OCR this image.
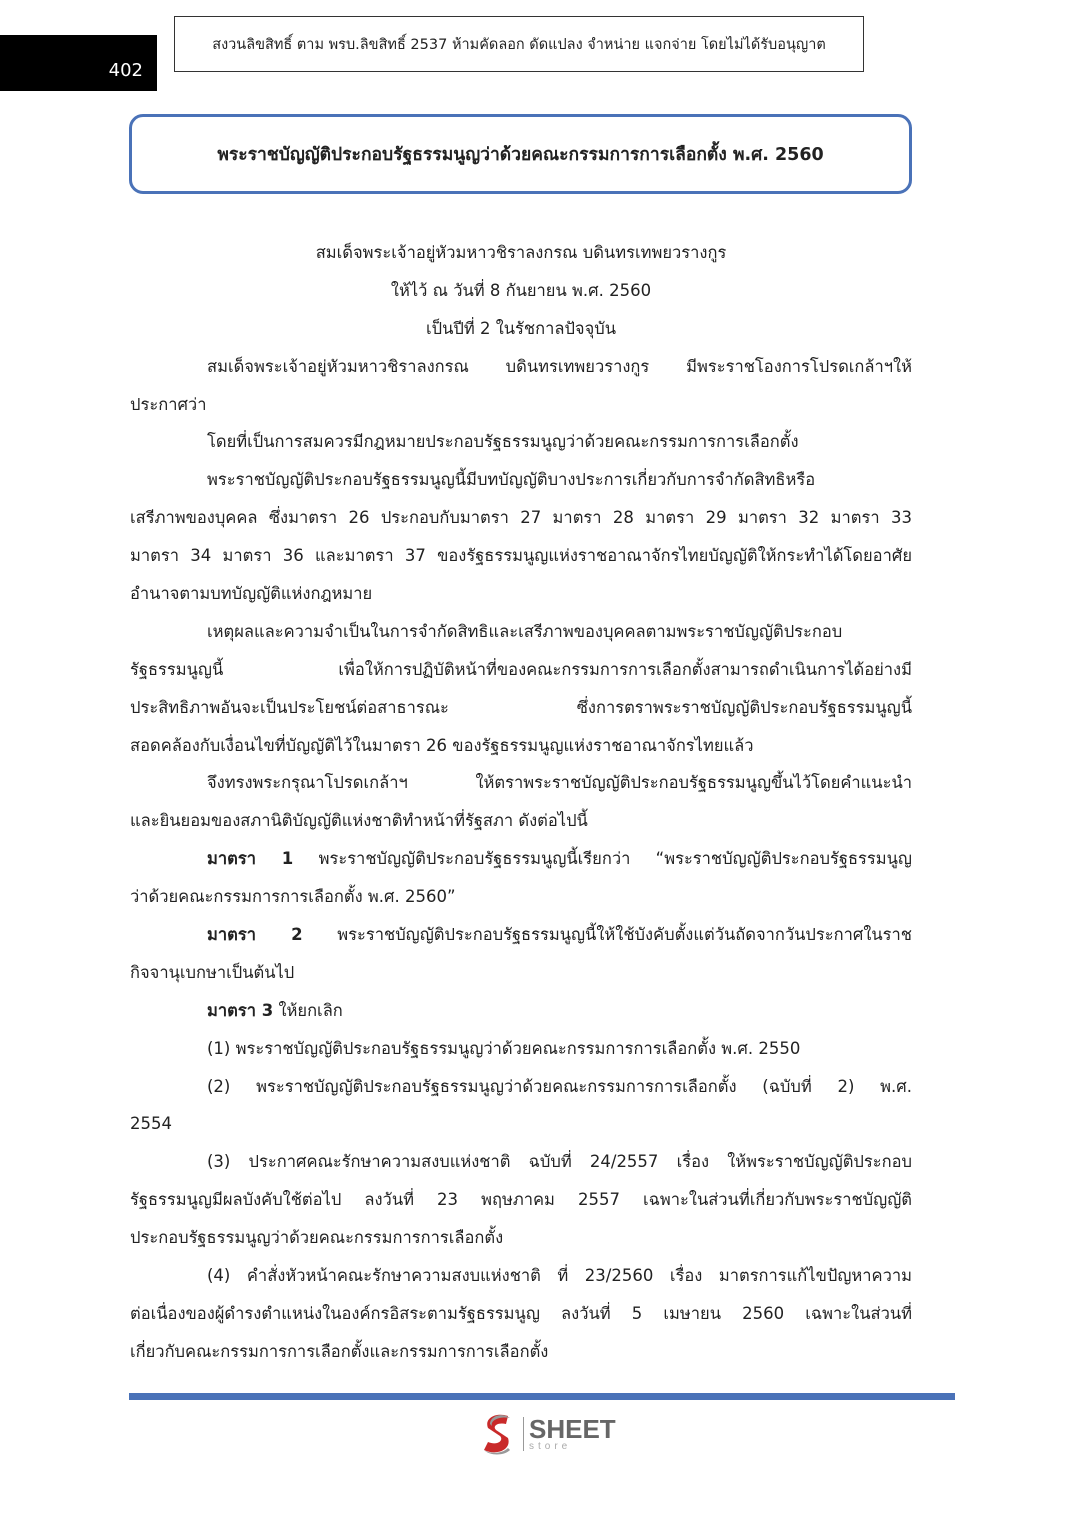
402
สงวนลิขสิทธิ์ ตาม พรบ.ลิขสิทธิ์ 2537 ห้ามคัดลอก ดัดแปลง จำหน่าย แจกจ่าย โดยไม่ได้รับอนุญาต
พระราชบัญญัติประกอบรัฐธรรมนูญว่าด้วยคณะกรรมการการเลือกตั้ง พ.ศ. 2560
สมเด็จพระเจ้าอยู่หัวมหาวชิราลงกรณ บดินทรเทพยวรางกูร
ให้ไว้ ณ วันที่ 8 กันยายน พ.ศ. 2560
เป็นปีที่ 2 ในรัชกาลปัจจุบัน
สมเด็จพระเจ้าอยู่หัวมหาวชิราลงกรณ บดินทรเทพยวรางกูร มีพระราชโองการโปรดเกล้าฯให้
ประกาศว่า
โดยที่เป็นการสมควรมีกฎหมายประกอบรัฐธรรมนูญว่าด้วยคณะกรรมการการเลือกตั้ง
พระราชบัญญัติประกอบรัฐธรรมนูญนี้มีบทบัญญัติบางประการเกี่ยวกับการจำกัดสิทธิหรือ
เสรีภาพของบุคคล ซึ่งมาตรา 26 ประกอบกับมาตรา 27 มาตรา 28 มาตรา 29 มาตรา 32 มาตรา 33
มาตรา 34 มาตรา 36 และมาตรา 37 ของรัฐธรรมนูญแห่งราชอาณาจักรไทยบัญญัติให้กระทำได้โดยอาศัย
อำนาจตามบทบัญญัติแห่งกฎหมาย
เหตุผลและความจำเป็นในการจำกัดสิทธิและเสรีภาพของบุคคลตามพระราชบัญญัติประกอบ
รัฐธรรมนูญนี้ เพื่อให้การปฏิบัติหน้าที่ของคณะกรรมการการเลือกตั้งสามารถดำเนินการได้อย่างมี
ประสิทธิภาพอันจะเป็นประโยชน์ต่อสาธารณะ ซึ่งการตราพระราชบัญญัติประกอบรัฐธรรมนูญนี้
สอดคล้องกับเงื่อนไขที่บัญญัติไว้ในมาตรา 26 ของรัฐธรรมนูญแห่งราชอาณาจักรไทยแล้ว
จึงทรงพระกรุณาโปรดเกล้าฯ ให้ตราพระราชบัญญัติประกอบรัฐธรรมนูญขึ้นไว้โดยคำแนะนำ
และยินยอมของสภานิติบัญญัติแห่งชาติทำหน้าที่รัฐสภา ดังต่อไปนี้
มาตรา 1 พระราชบัญญัติประกอบรัฐธรรมนูญนี้เรียกว่า “พระราชบัญญัติประกอบรัฐธรรมนูญ
ว่าด้วยคณะกรรมการการเลือกตั้ง พ.ศ. 2560”
มาตรา 2 พระราชบัญญัติประกอบรัฐธรรมนูญนี้ให้ใช้บังคับตั้งแต่วันถัดจากวันประกาศในราช
กิจจานุเบกษาเป็นต้นไป
มาตรา 3 ให้ยกเลิก
(1) พระราชบัญญัติประกอบรัฐธรรมนูญว่าด้วยคณะกรรมการการเลือกตั้ง พ.ศ. 2550
(2) พระราชบัญญัติประกอบรัฐธรรมนูญว่าด้วยคณะกรรมการการเลือกตั้ง (ฉบับที่ 2) พ.ศ.
2554
(3) ประกาศคณะรักษาความสงบแห่งชาติ ฉบับที่ 24/2557 เรื่อง ให้พระราชบัญญัติประกอบ
รัฐธรรมนูญมีผลบังคับใช้ต่อไป ลงวันที่ 23 พฤษภาคม 2557 เฉพาะในส่วนที่เกี่ยวกับพระราชบัญญัติ
ประกอบรัฐธรรมนูญว่าด้วยคณะกรรมการการเลือกตั้ง
(4) คำสั่งหัวหน้าคณะรักษาความสงบแห่งชาติ ที่ 23/2560 เรื่อง มาตรการแก้ไขปัญหาความ
ต่อเนื่องของผู้ดำรงตำแหน่งในองค์กรอิสระตามรัฐธรรมนูญ ลงวันที่ 5 เมษายน 2560 เฉพาะในส่วนที่
เกี่ยวกับคณะกรรมการการเลือกตั้งและกรรมการการเลือกตั้ง
SHEET
store
